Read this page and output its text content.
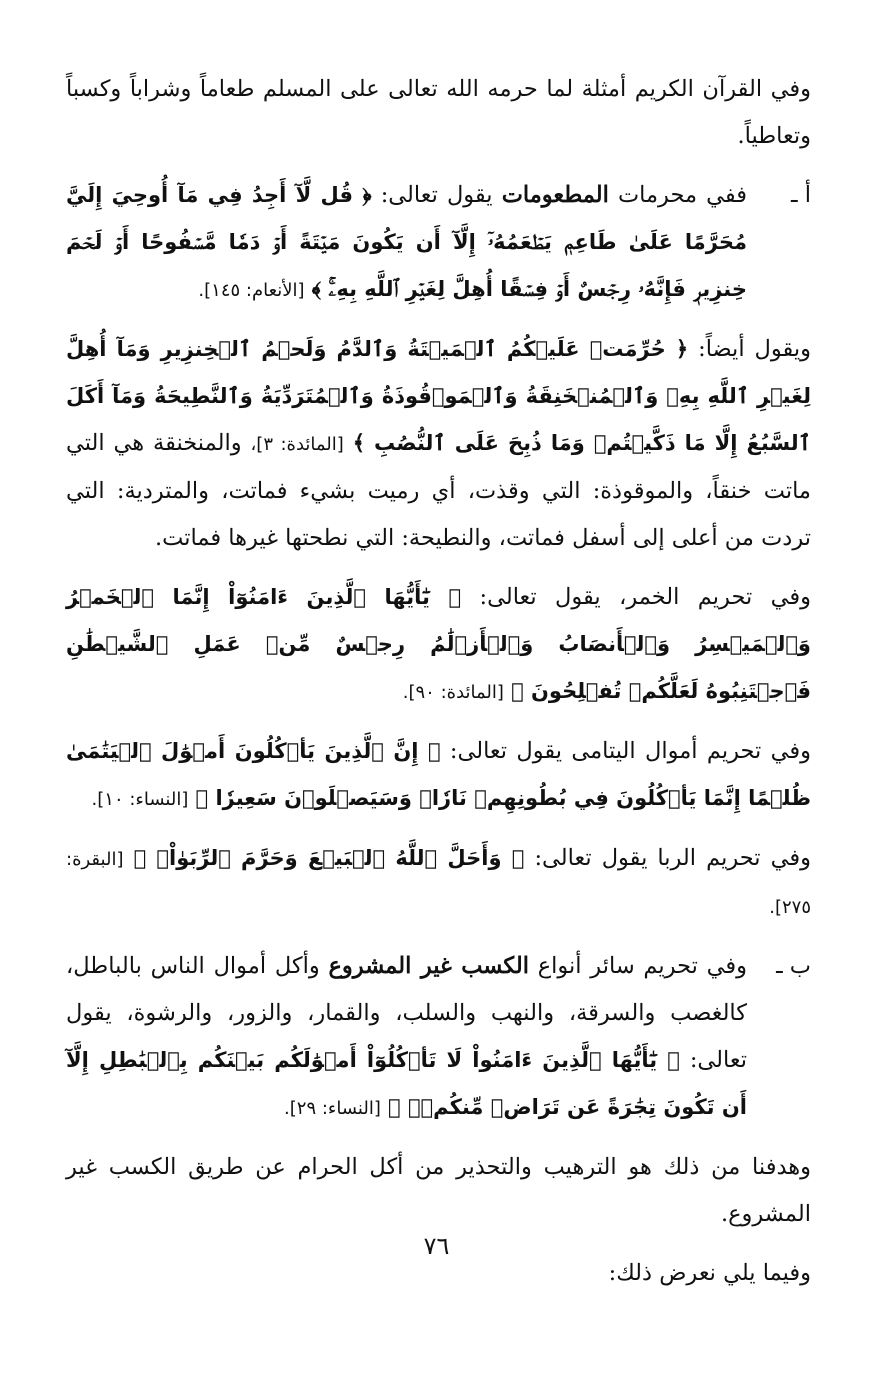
وفي القرآن الكريم أمثلة لما حرمه الله تعالى على المسلم طعاماً وشراباً وكسباً وتعاطياً.

أ ـ
ففي محرمات المطعومات يقول تعالى: ﴿ قُل لَّآ أَجِدُ فِي مَآ أُوحِيَ إِلَيَّ مُحَرَّمًا عَلَىٰ طَاعِمٖ يَطۡعَمُهُۥٓ إِلَّآ أَن يَكُونَ مَيۡتَةً أَوۡ دَمٗا مَّسۡفُوحًا أَوۡ لَحۡمَ خِنزِيرٖ فَإِنَّهُۥ رِجۡسٌ أَوۡ فِسۡقًا أُهِلَّ لِغَيۡرِ ٱللَّهِ بِهِۦۚ ﴾ [الأنعام: ١٤٥].

ويقول أيضاً: ﴿ حُرِّمَتۡ عَلَيۡكُمُ ٱلۡمَيۡتَةُ وَٱلدَّمُ وَلَحۡمُ ٱلۡخِنزِيرِ وَمَآ أُهِلَّ لِغَيۡرِ ٱللَّهِ بِهِۦ وَٱلۡمُنۡخَنِقَةُ وَٱلۡمَوۡقُوذَةُ وَٱلۡمُتَرَدِّيَةُ وَٱلنَّطِيحَةُ وَمَآ أَكَلَ ٱلسَّبُعُ إِلَّا مَا ذَكَّيۡتُمۡ وَمَا ذُبِحَ عَلَى ٱلنُّصُبِ ﴾ [المائدة: ٣]، والمنخنقة هي التي ماتت خنقاً، والموقوذة: التي وقذت، أي رميت بشيء فماتت، والمتردية: التي تردت من أعلى إلى أسفل فماتت، والنطيحة: التي نطحتها غيرها فماتت.

وفي تحريم الخمر، يقول تعالى: ﴿ يَٰٓأَيُّهَا ٱلَّذِينَ ءَامَنُوٓاْ إِنَّمَا ٱلۡخَمۡرُ وَٱلۡمَيۡسِرُ وَٱلۡأَنصَابُ وَٱلۡأَزۡلَٰمُ رِجۡسٌ مِّنۡ عَمَلِ ٱلشَّيۡطَٰنِ فَٱجۡتَنِبُوهُ لَعَلَّكُمۡ تُفۡلِحُونَ ﴾ [المائدة: ٩٠].

وفي تحريم أموال اليتامى يقول تعالى: ﴿ إِنَّ ٱلَّذِينَ يَأۡكُلُونَ أَمۡوَٰلَ ٱلۡيَتَٰمَىٰ ظُلۡمًا إِنَّمَا يَأۡكُلُونَ فِي بُطُونِهِمۡ نَارٗاۖ وَسَيَصۡلَوۡنَ سَعِيرٗا ﴾ [النساء: ١٠].

وفي تحريم الربا يقول تعالى: ﴿ وَأَحَلَّ ٱللَّهُ ٱلۡبَيۡعَ وَحَرَّمَ ٱلرِّبَوٰاْۚ ﴾ [البقرة: ٢٧٥].

ب ـ
وفي تحريم سائر أنواع الكسب غير المشروع وأكل أموال الناس بالباطل، كالغصب والسرقة، والنهب والسلب، والقمار، والزور، والرشوة، يقول تعالى: ﴿ يَٰٓأَيُّهَا ٱلَّذِينَ ءَامَنُواْ لَا تَأۡكُلُوٓاْ أَمۡوَٰلَكُم بَيۡنَكُم بِٱلۡبَٰطِلِ إِلَّآ أَن تَكُونَ تِجَٰرَةً عَن تَرَاضٖ مِّنكُمۡۚ ﴾ [النساء: ٢٩].

وهدفنا من ذلك هو الترهيب والتحذير من أكل الحرام عن طريق الكسب غير المشروع.

وفيما يلي نعرض ذلك:

٧٦
